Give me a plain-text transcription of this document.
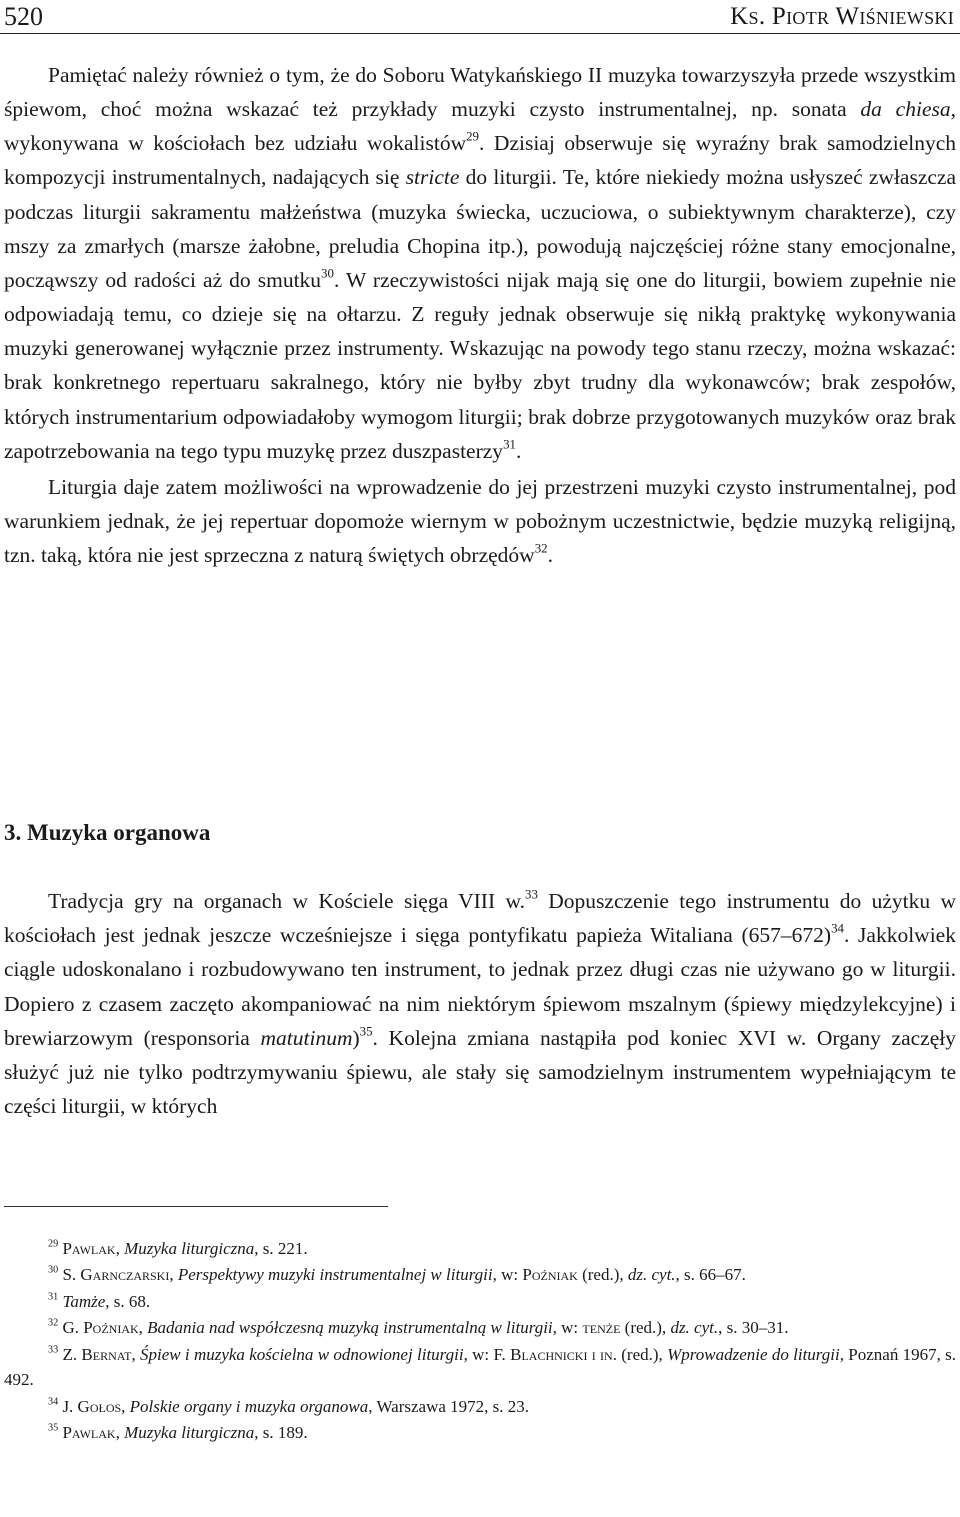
520	Ks. Piotr Wiśniewski

Pamiętać należy również o tym, że do Soboru Watykańskiego II muzyka towarzyszyła przede wszystkim śpiewom, choć można wskazać też przykłady muzyki czysto instrumentalnej, np. sonata da chiesa, wykonywana w kościołach bez udziału wokalistów$^{29}$. Dzisiaj obserwuje się wyraźny brak samodzielnych kompozycji instrumentalnych, nadających się stricte do liturgii. Te, które niekiedy można usłyszeć zwłaszcza podczas liturgii sakramentu małżeństwa (muzyka świecka, uczuciowa, o subiektywnym charakterze), czy mszy za zmarłych (marsze żałobne, preludia Chopina itp.), powodują najczęściej różne stany emocjonalne, począwszy od radości aż do smutku$^{30}$. W rzeczywistości nijak mają się one do liturgii, bowiem zupełnie nie odpowiadają temu, co dzieje się na ołtarzu. Z reguły jednak obserwuje się nikłą praktykę wykonywania muzyki generowanej wyłącznie przez instrumenty. Wskazując na powody tego stanu rzeczy, można wskazać: brak konkretnego repertuaru sakralnego, który nie byłby zbyt trudny dla wykonawców; brak zespołów, których instrumentarium odpowiadałoby wymogom liturgii; brak dobrze przygotowanych muzyków oraz brak zapotrzebowania na tego typu muzykę przez duszpasterzy$^{31}$.

Liturgia daje zatem możliwości na wprowadzenie do jej przestrzeni muzyki czysto instrumentalnej, pod warunkiem jednak, że jej repertuar dopomoże wiernym w pobożnym uczestnictwie, będzie muzyką religijną, tzn. taką, która nie jest sprzeczna z naturą świętych obrzędów$^{32}$.

3. Muzyka organowa

Tradycja gry na organach w Kościele sięga VIII w.$^{33}$ Dopuszczenie tego instrumentu do użytku w kościołach jest jednak jeszcze wcześniejsze i sięga pontyfikatu papieża Witaliana $(657-672)^{34}$. Jakkolwiek ciągle udoskonalano i rozbudowywano ten instrument, to jednak przez długi czas nie używano go w liturgii. Dopiero z czasem zaczęto akompaniować na nim niektórym śpiewom mszalnym (śpiewy międzylekcyjne) i brewiarzowym (responsoria matutinum)$^{35}$. Kolejna zmiana nastąpiła pod koniec XVI w. Organy zaczęły służyć już nie tylko podtrzymywaniu śpiewu, ale stały się samodzielnym instrumentem wypełniającym te części liturgii, w których

$^{29}$ Pawlak, Muzyka liturgiczna, s. 221.

$^{30}$ S. Garnczarski, Perspektywy muzyki instrumentalnej w liturgii, w: Poźniak (red.), dz. cyt., s. 66–67.

$^{31}$ Tamże, s. 68.

$^{32}$ G. Poźniak, Badania nad współczesną muzyką instrumentalną w liturgii, w: tenże (red.), dz. cyt., s. 30–31.

$^{33}$ Z. Bernat, Śpiew i muzyka kościelna w odnowionej liturgii, w: F. Blachnicki i in. (red.), Wprowadzenie do liturgii, Poznań 1967, s. 492.

$^{34}$ J. Gołos, Polskie organy i muzyka organowa, Warszawa 1972, s. 23.

$^{35}$ Pawlak, Muzyka liturgiczna, s. 189.
